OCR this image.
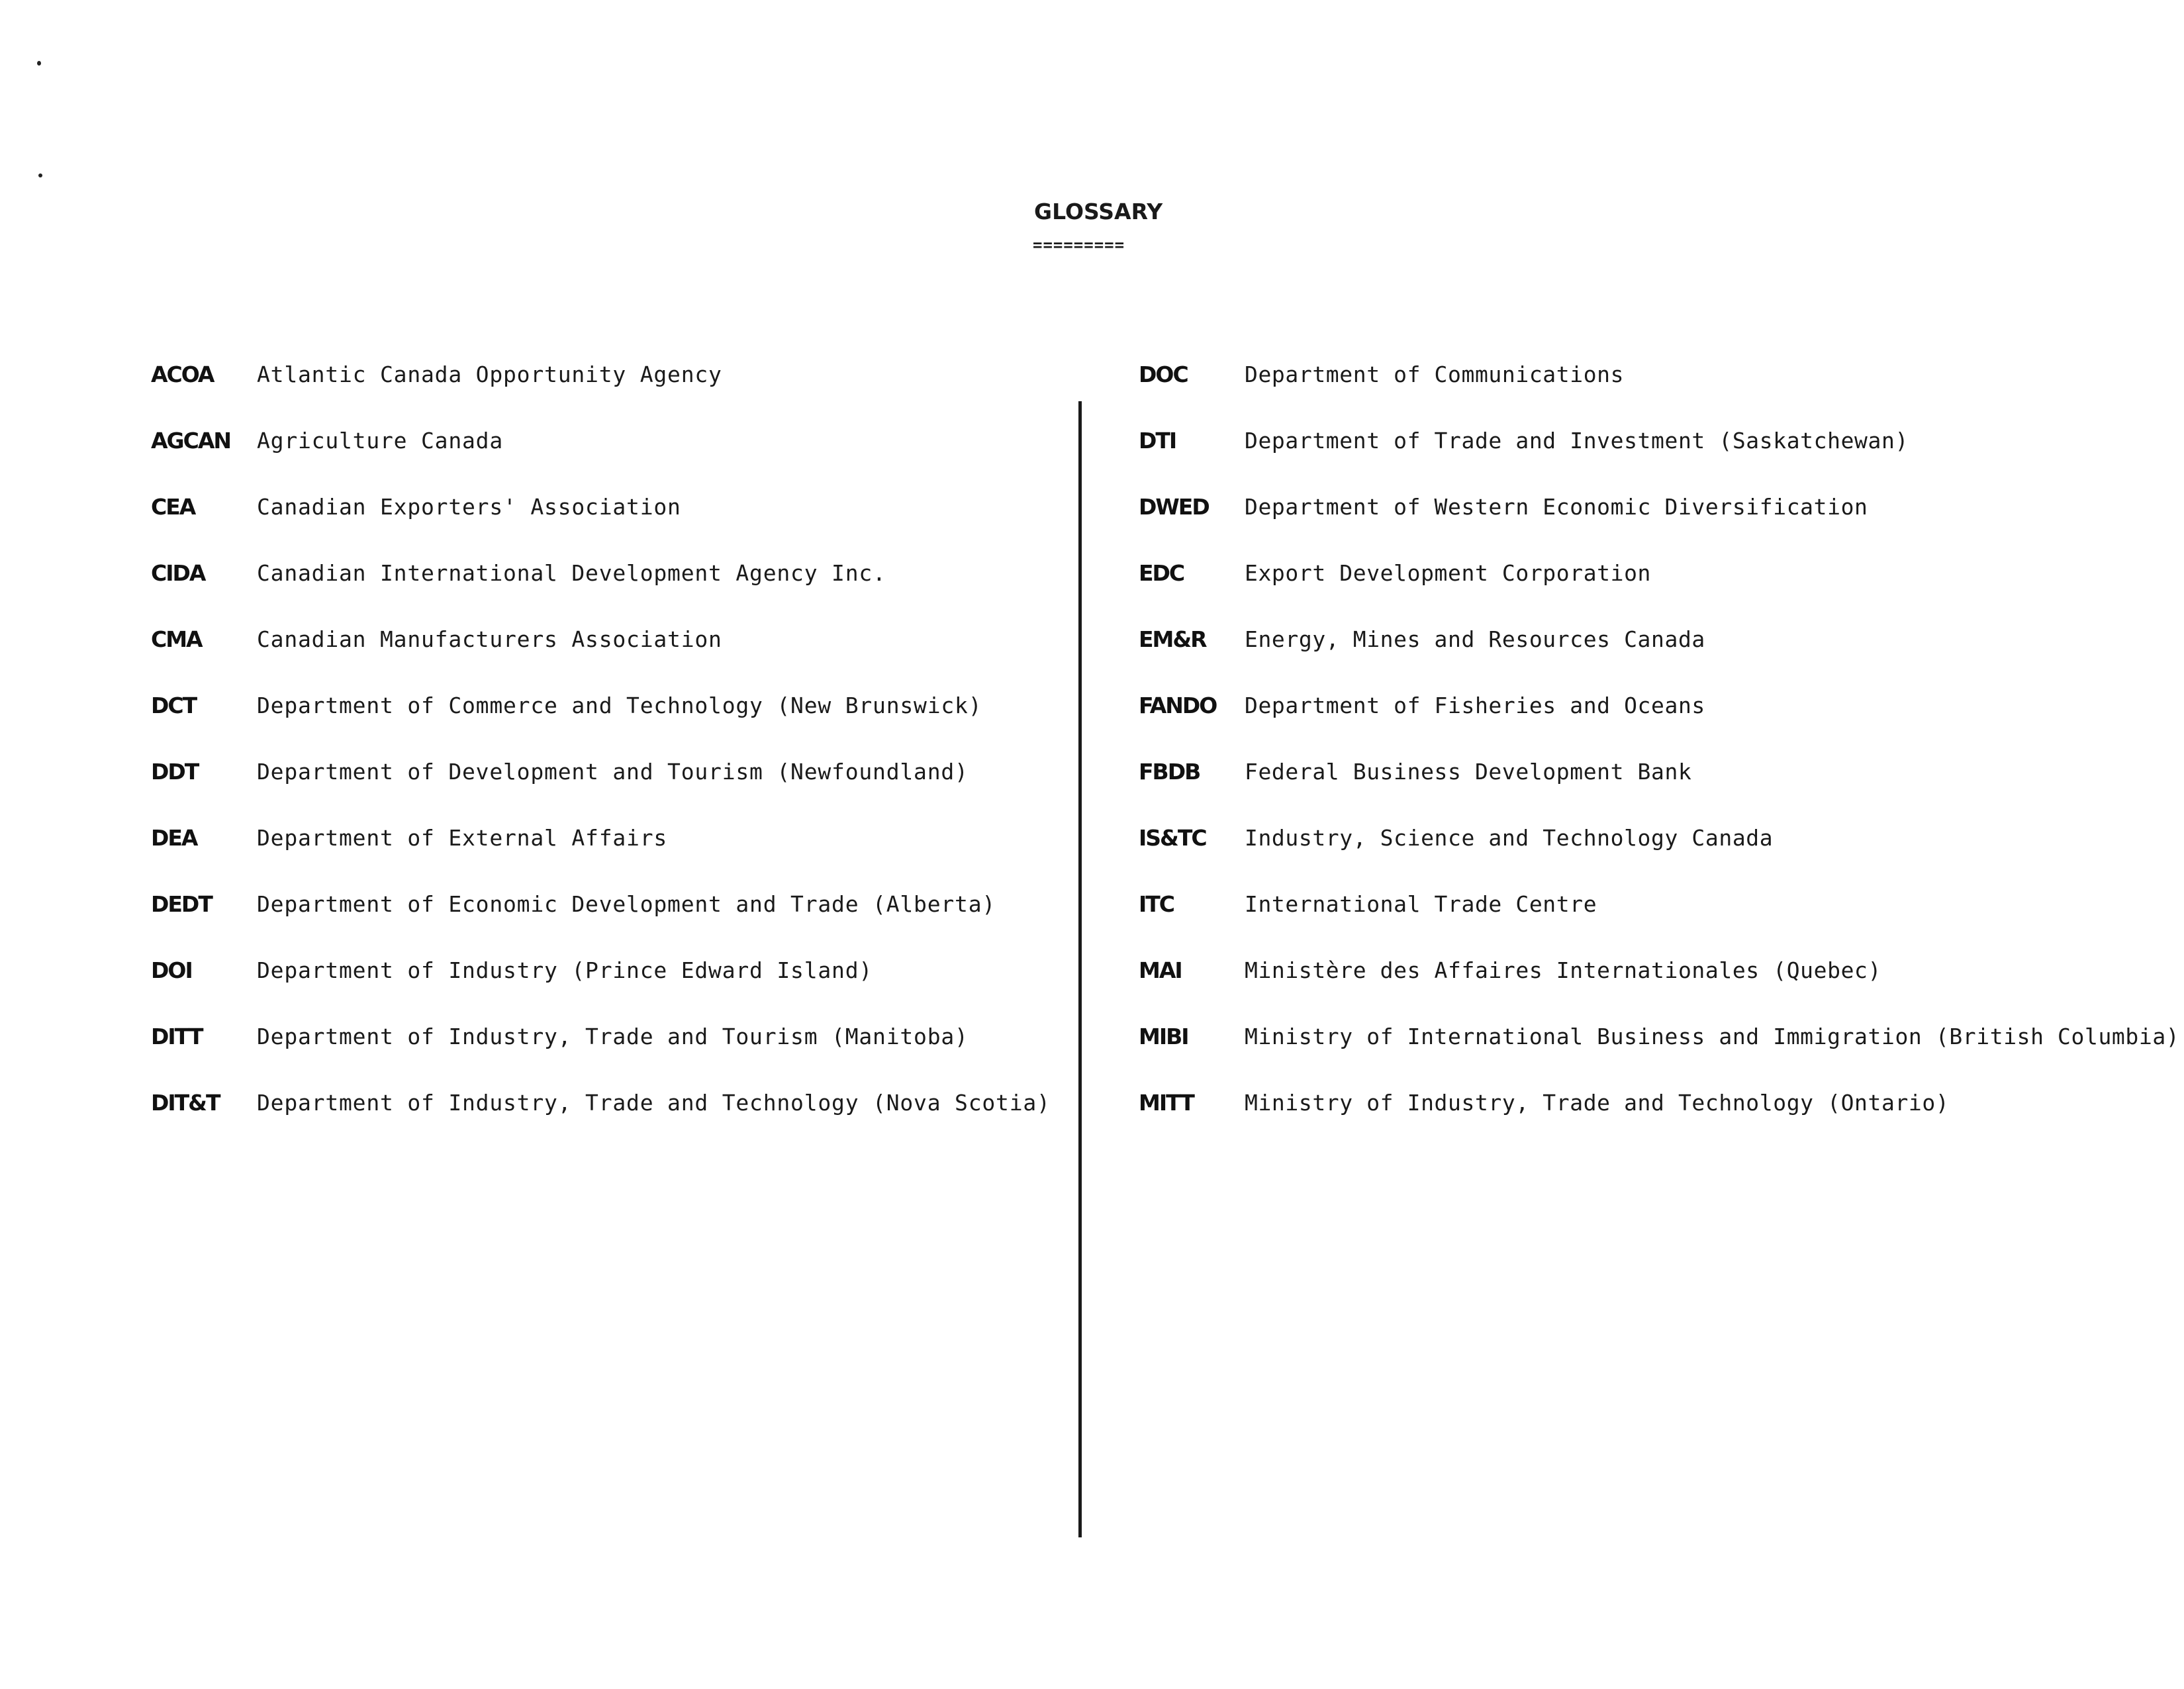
GLOSSARY
=========
ACOA	Atlantic Canada Opportunity Agency
AGCAN	Agriculture Canada
CEA	Canadian Exporters' Association
CIDA	Canadian International Development Agency Inc.
CMA	Canadian Manufacturers Association
DCT	Department of Commerce and Technology (New Brunswick)
DDT	Department of Development and Tourism (Newfoundland)
DEA	Department of External Affairs
DEDT	Department of Economic Development and Trade (Alberta)
DOI	Department of Industry (Prince Edward Island)
DITT	Department of Industry, Trade and Tourism (Manitoba)
DIT&T	Department of Industry, Trade and Technology (Nova Scotia)
DOC	Department of Communications
DTI	Department of Trade and Investment (Saskatchewan)
DWED	Department of Western Economic Diversification
EDC	Export Development Corporation
EM&R	Energy, Mines and Resources Canada
FANDO	Department of Fisheries and Oceans
FBDB	Federal Business Development Bank
IS&TC	Industry, Science and Technology Canada
ITC	International Trade Centre
MAI	Ministère des Affaires Internationales (Quebec)
MIBI	Ministry of International Business and Immigration (British Columbia)
MITT	Ministry of Industry, Trade and Technology (Ontario)
